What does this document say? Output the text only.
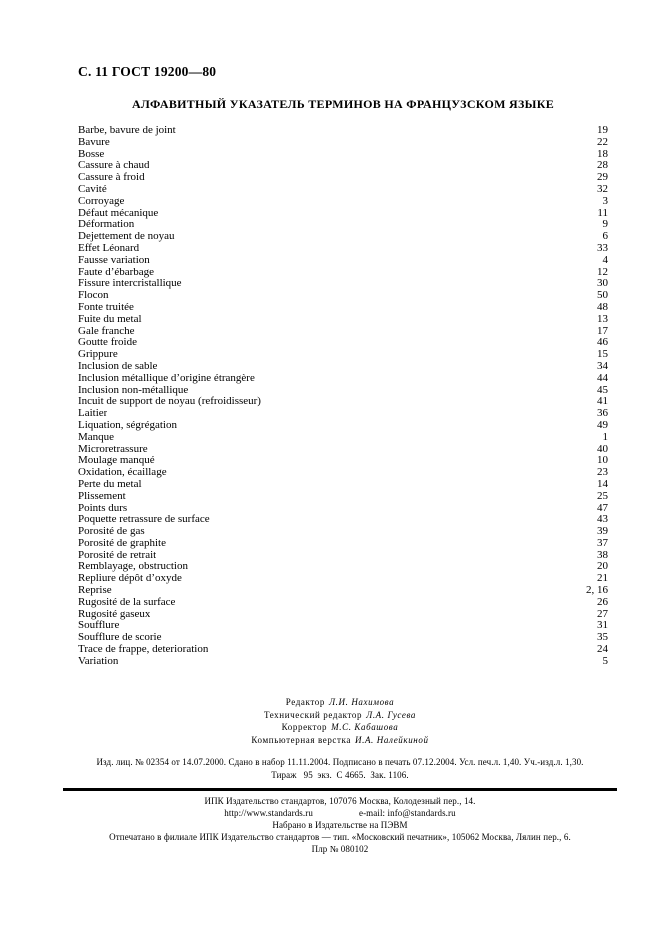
С. 11 ГОСТ 19200—80
АЛФАВИТНЫЙ УКАЗАТЕЛЬ ТЕРМИНОВ НА ФРАНЦУЗСКОМ ЯЗЫКЕ
Barbe, bavure de joint	19
Bavure	22
Bosse	18
Cassure à chaud	28
Cassure à froid	29
Cavité	32
Corroyage	3
Défaut mécanique	11
Déformation	9
Dejettement de noyau	6
Effet Léonard	33
Fausse variation	4
Faute d’ébarbage	12
Fissure intercristallique	30
Flocon	50
Fonte truitée	48
Fuite du metal	13
Gale franche	17
Goutte froide	46
Grippure	15
Inclusion de sable	34
Inclusion métallique d’origine étrangère	44
Inclusion non-métallique	45
Incuit de support de noyau (refroidisseur)	41
Laitier	36
Liquation, ségrégation	49
Manque	1
Microretrassure	40
Moulage manqué	10
Oxidation, écaillage	23
Perte du metal	14
Plissement	25
Points durs	47
Poquette retrassure de surface	43
Porosité de gas	39
Porosité de graphite	37
Porosité de retrait	38
Remblayage, obstruction	20
Repliure dépôt d’oxyde	21
Reprise	2, 16
Rugosité de la surface	26
Rugosité gaseux	27
Soufflure	31
Soufflure de scorie	35
Trace de frappe, deterioration	24
Variation	5
Редактор Л.И. Нахимова
Технический редактор Л.А. Гусева
Корректор М.С. Кабашова
Компьютерная верстка И.А. Налейкиной
Изд. лиц. № 02354 от 14.07.2000. Сдано в набор 11.11.2004. Подписано в печать 07.12.2004. Усл. печ.л. 1,40. Уч.-изд.л. 1,30.
Тираж   95  экз.  С 4665.  Зак. 1106.
ИПК Издательство стандартов, 107076 Москва, Колодезный пер., 14.
http://www.standards.ru	e-mail: info@standards.ru
Набрано в Издательстве на ПЭВМ
Отпечатано в филиале ИПК Издательство стандартов — тип. «Московский печатник», 105062 Москва, Лялин пер., 6.
Плр № 080102
